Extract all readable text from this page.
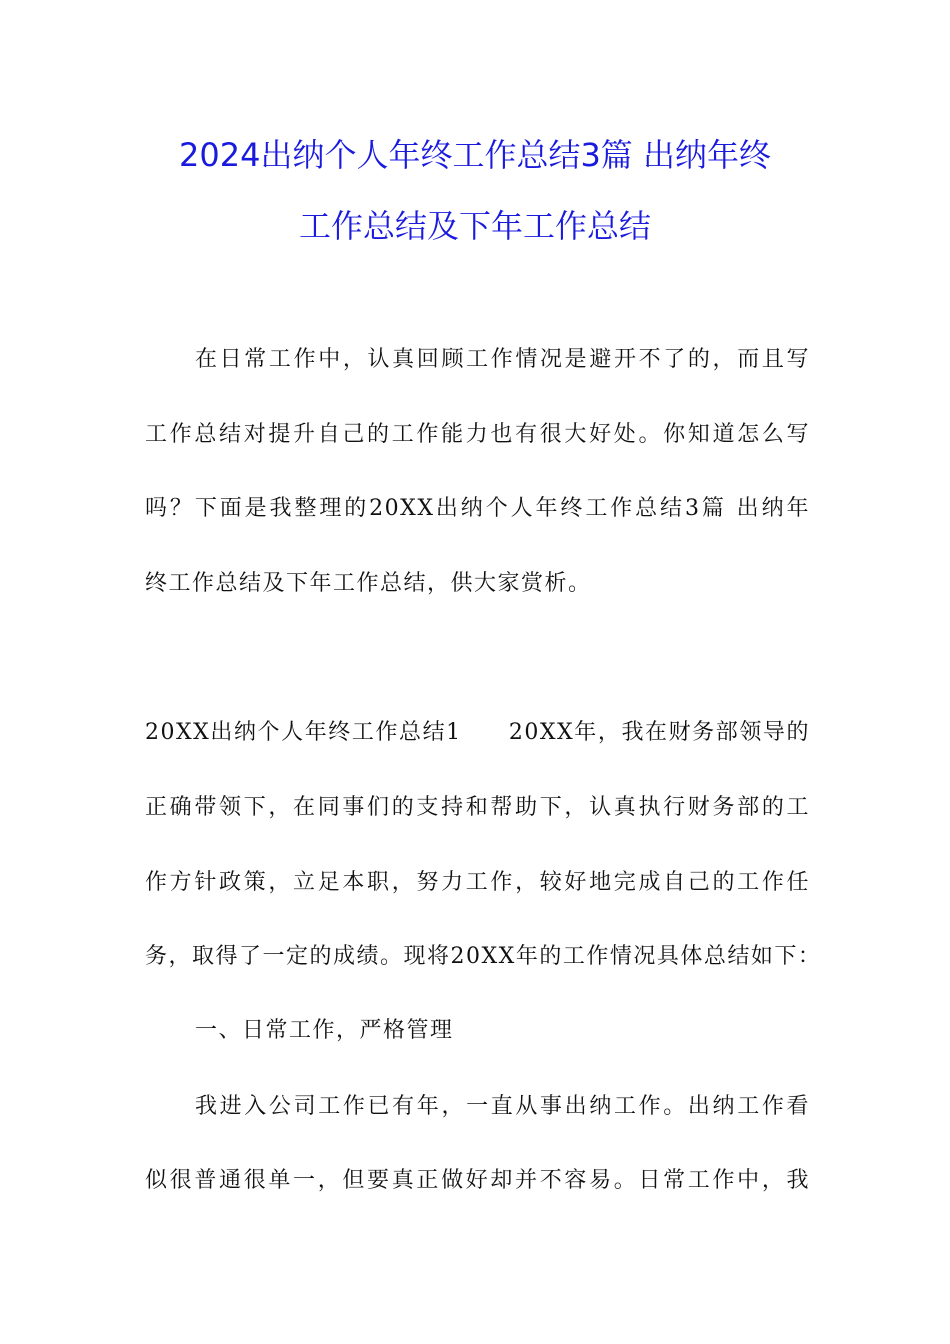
2024出纳个人年终工作总结3篇 出纳年终
工作总结及下年工作总结
在日常工作中，认真回顾工作情况是避开不了的，而且写
工作总结对提升自己的工作能力也有很大好处。你知道怎么写
吗？下面是我整理的20XX出纳个人年终工作总结3篇 出纳年
终工作总结及下年工作总结，供大家赏析。
20XX出纳个人年终工作总结1　　20XX年，我在财务部领导的
正确带领下，在同事们的支持和帮助下，认真执行财务部的工
作方针政策，立足本职，努力工作，较好地完成自己的工作任
务，取得了一定的成绩。现将20XX年的工作情况具体总结如下：
一、日常工作，严格管理
我进入公司工作已有年，一直从事出纳工作。出纳工作看
似很普通很单一，但要真正做好却并不容易。日常工作中，我
